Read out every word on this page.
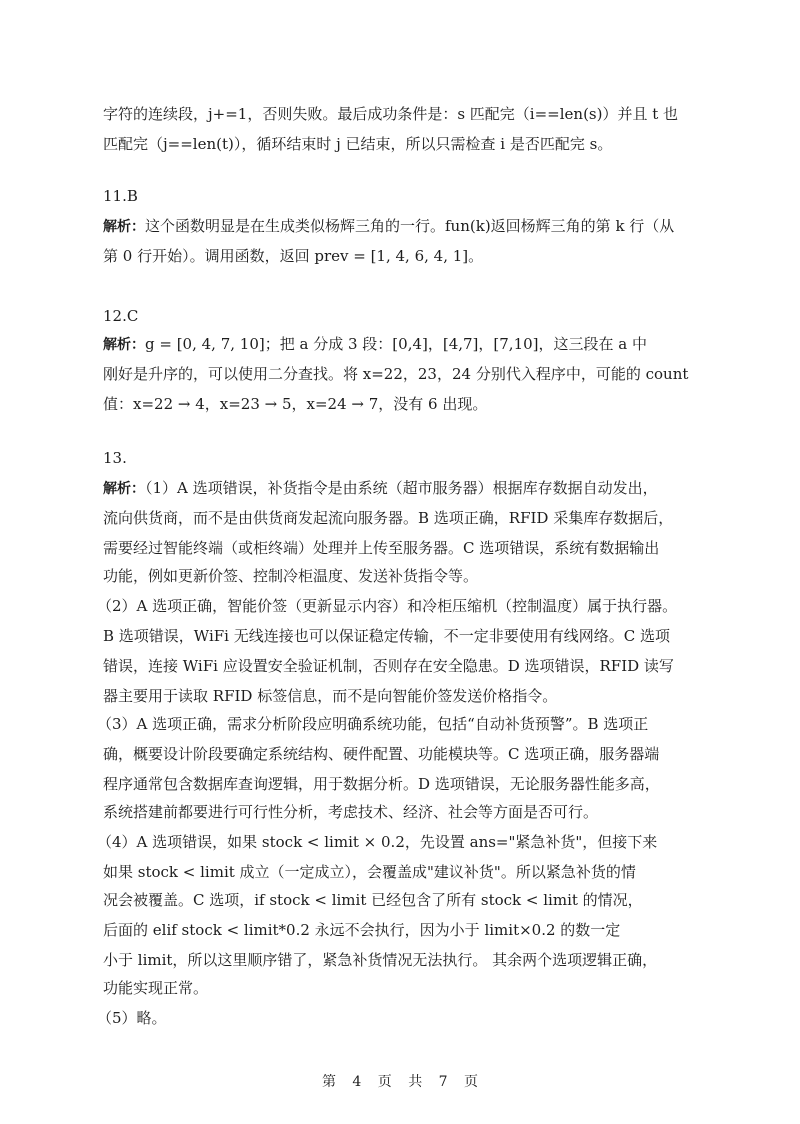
字符的连续段，j+=1，否则失败。最后成功条件是：s 匹配完（i==len(s)）并且 t 也
匹配完（j==len(t)），循环结束时 j 已结束，所以只需检查 i 是否匹配完 s。
11.B
解析：这个函数明显是在生成类似杨辉三角的一行。fun(k)返回杨辉三角的第 k 行（从
第 0 行开始）。调用函数，返回 prev = [1, 4, 6, 4, 1]。
12.C
解析：g = [0, 4, 7, 10]；把 a 分成 3 段：[0,4]，[4,7]，[7,10]，这三段在 a 中
刚好是升序的，可以使用二分查找。将 x=22，23，24 分别代入程序中，可能的 count
值：x=22 → 4，x=23 → 5，x=24 → 7，没有 6 出现。
13.
解析：（1）A 选项错误，补货指令是由系统（超市服务器）根据库存数据自动发出，
流向供货商，而不是由供货商发起流向服务器。B 选项正确，RFID 采集库存数据后，
需要经过智能终端（或柜终端）处理并上传至服务器。C 选项错误，系统有数据输出
功能，例如更新价签、控制冷柜温度、发送补货指令等。
（2）A 选项正确，智能价签（更新显示内容）和冷柜压缩机（控制温度）属于执行器。
B 选项错误，WiFi 无线连接也可以保证稳定传输，不一定非要使用有线网络。C 选项
错误，连接 WiFi 应设置安全验证机制，否则存在安全隐患。D 选项错误，RFID 读写
器主要用于读取 RFID 标签信息，而不是向智能价签发送价格指令。
（3）A 选项正确，需求分析阶段应明确系统功能，包括“自动补货预警”。B 选项正
确，概要设计阶段要确定系统结构、硬件配置、功能模块等。C 选项正确，服务器端
程序通常包含数据库查询逻辑，用于数据分析。D 选项错误，无论服务器性能多高，
系统搭建前都要进行可行性分析，考虑技术、经济、社会等方面是否可行。
（4）A 选项错误，如果 stock < limit × 0.2，先设置 ans="紧急补货"，但接下来
如果 stock < limit 成立（一定成立），会覆盖成"建议补货"。所以紧急补货的情
况会被覆盖。C 选项，if stock < limit 已经包含了所有 stock < limit 的情况，
后面的 elif stock < limit*0.2 永远不会执行，因为小于 limit×0.2 的数一定
小于 limit，所以这里顺序错了，紧急补货情况无法执行。 其余两个选项逻辑正确，
功能实现正常。
（5）略。
第 4 页 共 7 页
